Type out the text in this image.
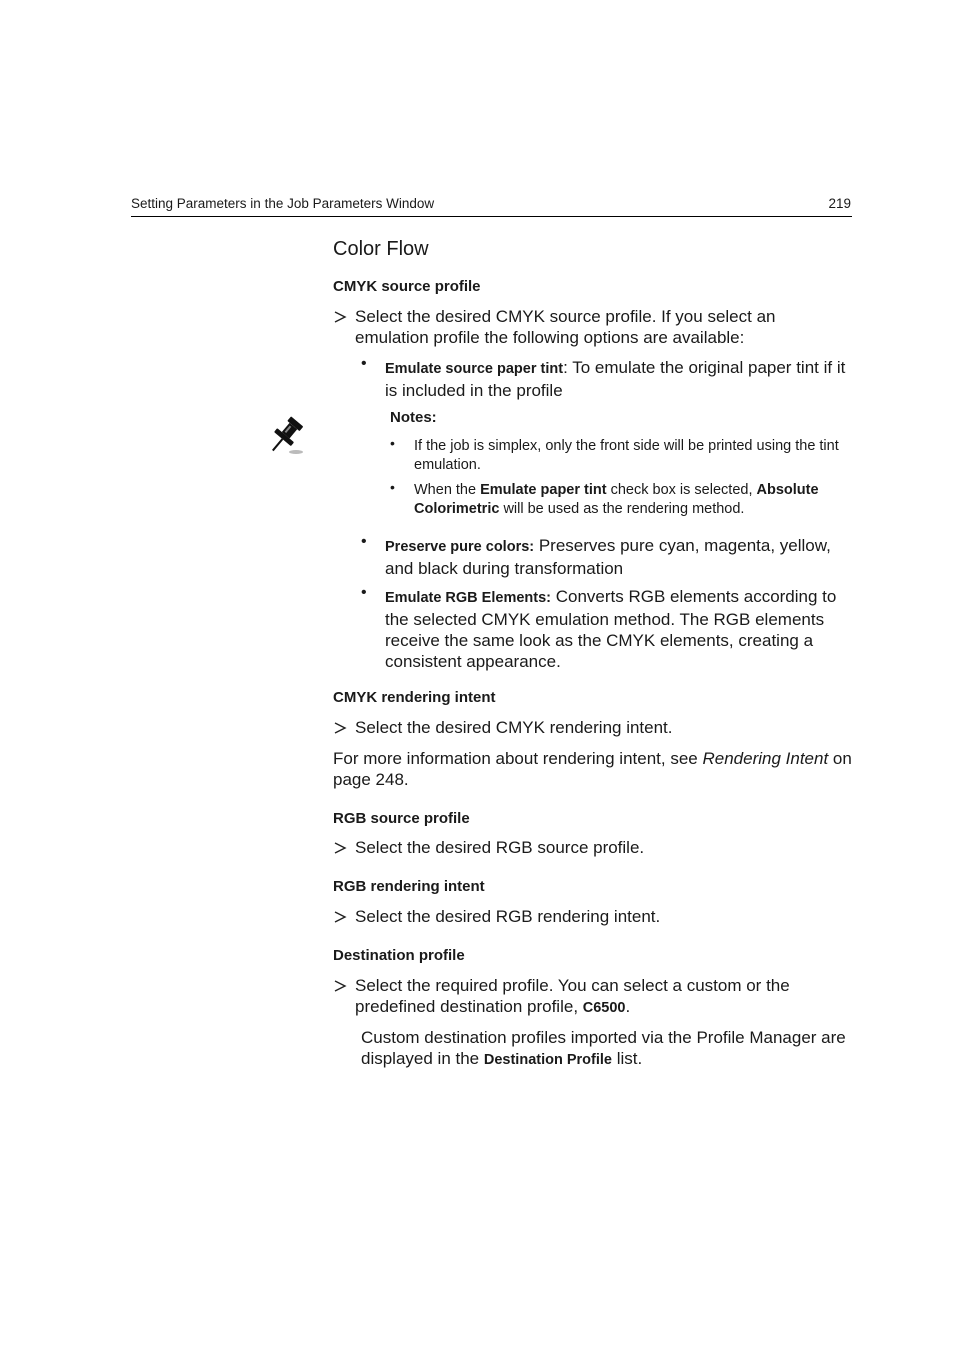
Setting Parameters in the Job Parameters Window	219
Color Flow
CMYK source profile
Select the desired CMYK source profile. If you select an emulation profile the following options are available:
• Emulate source paper tint: To emulate the original paper tint if it is included in the profile
Notes:
• If the job is simplex, only the front side will be printed using the tint emulation.
• When the Emulate paper tint check box is selected, Absolute Colorimetric will be used as the rendering method.
• Preserve pure colors: Preserves pure cyan, magenta, yellow, and black during transformation
• Emulate RGB Elements: Converts RGB elements according to the selected CMYK emulation method. The RGB elements receive the same look as the CMYK elements, creating a consistent appearance.
CMYK rendering intent
Select the desired CMYK rendering intent.
For more information about rendering intent, see Rendering Intent on page 248.
RGB source profile
Select the desired RGB source profile.
RGB rendering intent
Select the desired RGB rendering intent.
Destination profile
Select the required profile. You can select a custom or the predefined destination profile, C6500.
Custom destination profiles imported via the Profile Manager are displayed in the Destination Profile list.
